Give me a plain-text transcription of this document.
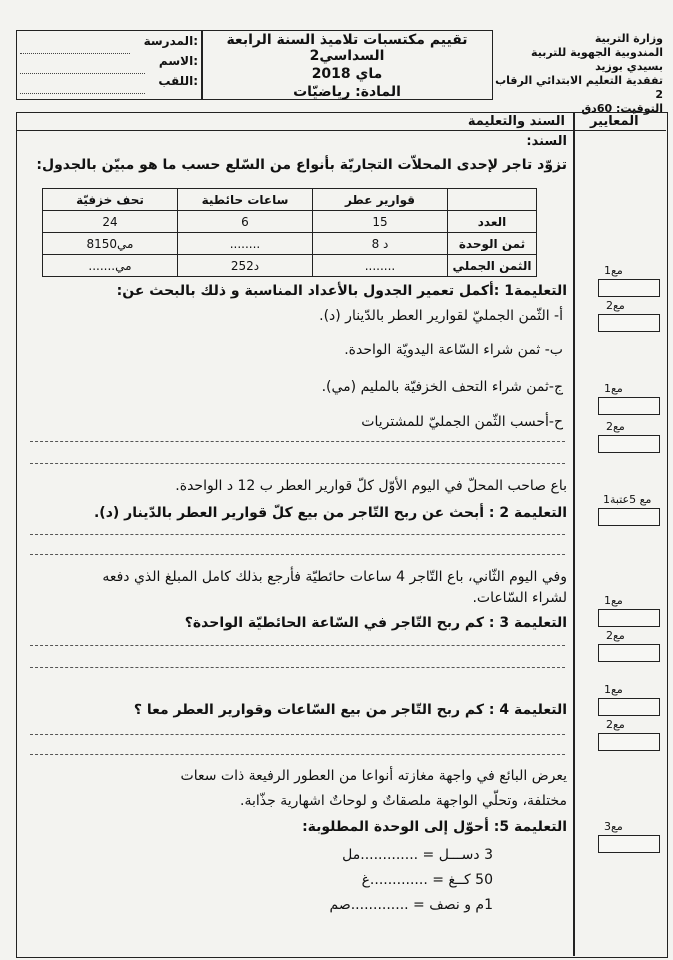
وزارة التربية
المندوبية الجهوية للتربية بسيدي بوزيد
تفقدية التعليم الابتدائي الرقاب 2
التوقيت: 60دق
تقييم مكتسبات تلاميذ السنة الرابعة السداسي2
ماي 2018
المادة: رياضيّات
المدرسة:
الاسم:
اللقب:
المعايير
السند والتعليمة
السند:
تزوّد تاجر لإحدى المحلاّت التجاريّة بأنواع من السّلع حسب ما هو مبيّن بالجدول:
تحف خزفيّة	ساعات حائطية	قوارير عطر	
24	6	15	العدد
8150مي	........	8 د	ثمن الوحدة
.......مي	252د	........	الثمن الجملي
التعليمة1 :أكمل تعمير الجدول بالأعداد المناسبة و ذلك بالبحث عن:
أ- الثّمن الجمليّ لقوارير العطر بالدّينار (د).
ب- ثمن شراء السّاعة اليدويّة الواحدة.
ج-ثمن شراء التحف الخزفيّة بالمليم (مي).
ح-أحسب الثّمن الجمليّ للمشتريات
باع صاحب المحلّ في اليوم الأوّل كلّ قوارير العطر ب 12 د الواحدة.
التعليمة 2 : أبحث عن ربح التّاجر من بيع كلّ قوارير العطر بالدّينار (د).
وفي اليوم الثّاني، باع التّاجر 4 ساعات حائطيّة فأرجع بذلك كامل المبلغ الذي دفعه
لشراء السّاعات.
التعليمة 3 : كم ربح التّاجر في السّاعة الحائطيّة الواحدة؟
التعليمة 4 : كم ربح التّاجر من بيع السّاعات وقوارير العطر معا ؟
يعرض البائع في واجهة مغازته أنواعا من العطور الرفيعة ذات سعات
مختلفة، وتحلّي الواجهة ملصقاتٌ و لوحاتٌ اشهارية جذّابة.
التعليمة 5: أحوّل إلى الوحدة المطلوبة:
3 دســـل = .............مل
50 كــغ = .............غ
1م و نصف = .............صم
مع1
مع2
مع1
مع2
مع 5عتبة1
مع1
مع2
مع1
مع2
مع3
